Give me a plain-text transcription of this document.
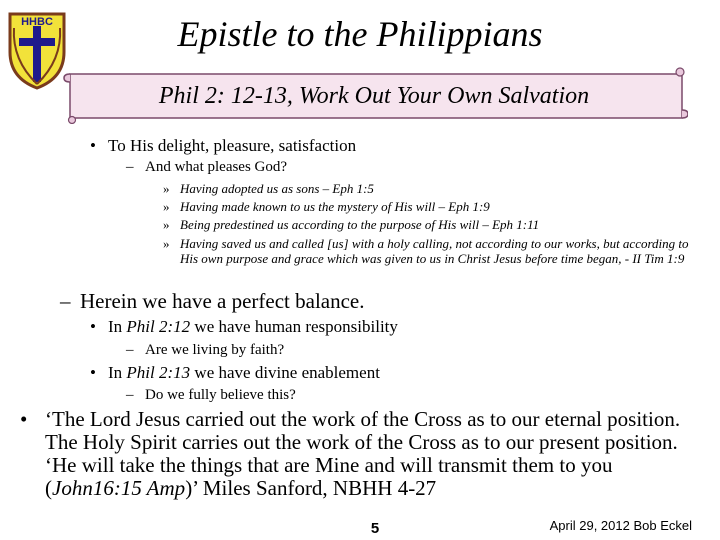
HHBC	Epistle to the Philippians
Phil 2: 12-13, Work Out Your Own Salvation
• To His delight, pleasure, satisfaction
– And what pleases God?
» Having adopted us as sons – Eph 1:5
» Having made known to us the mystery of His will – Eph 1:9
» Being predestined us according to the purpose of His will – Eph 1:11
» Having saved us and called [us] with a holy calling, not according to our works, but according to His own purpose and grace which was given to us in Christ Jesus before time began, - II Tim 1:9
– Herein we have a perfect balance.
• In Phil 2:12 we have human responsibility
– Are we living by faith?
• In Phil 2:13 we have divine enablement
– Do we fully believe this?
• ‘The Lord Jesus carried out the work of the Cross as to our eternal position. The Holy Spirit carries out the work of the Cross as to our present position. ‘He will take the things that are Mine and will transmit them to you (John16:15 Amp)’ Miles Sanford, NBHH 4-27
5	April 29, 2012 Bob Eckel
